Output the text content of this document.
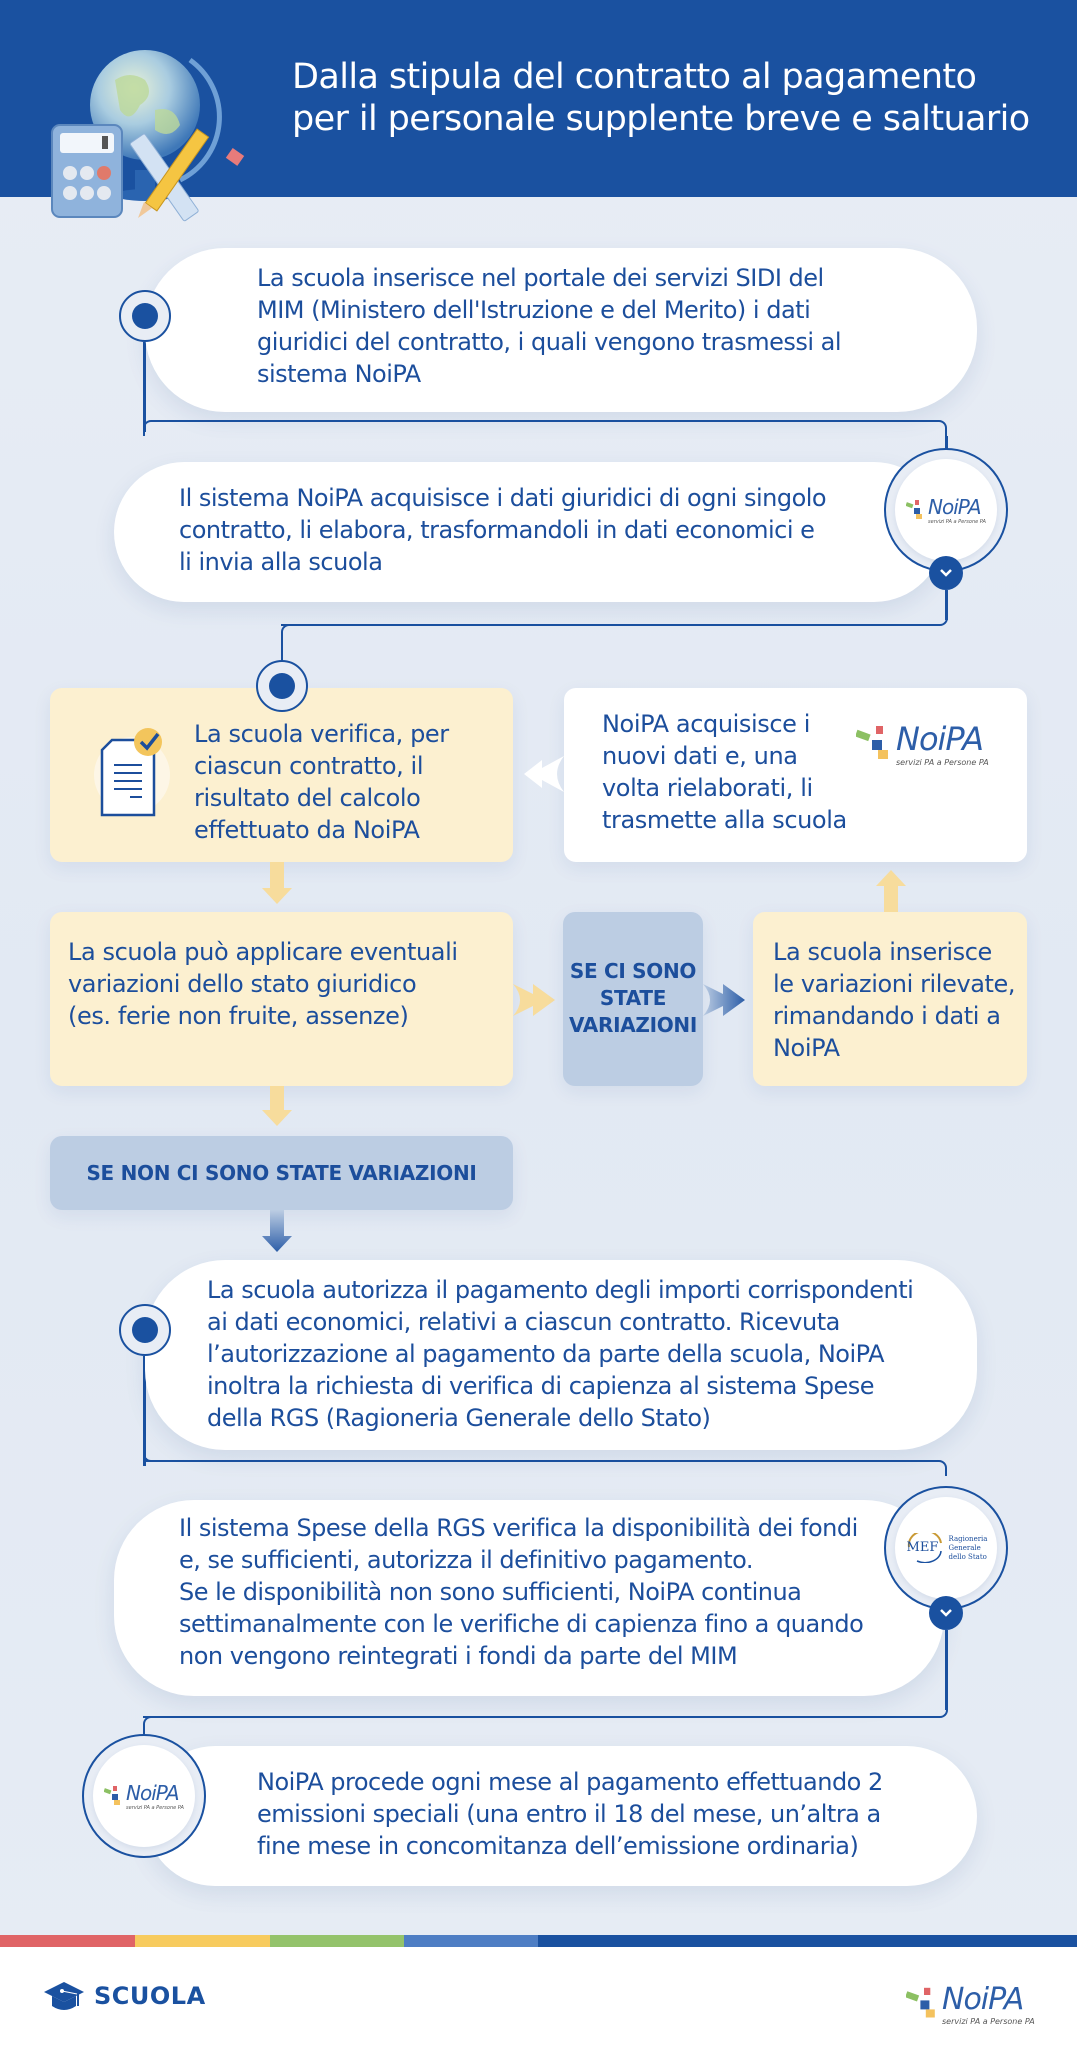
Dalla stipula del contratto al pagamento
per il personale supplente breve e saltuario
La scuola inserisce nel portale dei servizi SIDI del
MIM (Ministero dell'Istruzione e del Merito) i dati
giuridici del contratto, i quali vengono trasmessi al
sistema NoiPA
Il sistema NoiPA acquisisce i dati giuridici di ogni singolo
contratto, li elabora, trasformandoli in dati economici e
li invia alla scuola
NoiPA
servizi PA a Persone PA
La scuola verifica, per
ciascun contratto, il
risultato del calcolo
effettuato da NoiPA
NoiPA acquisisce i
nuovi dati e, una
volta rielaborati, li
trasmette alla scuola
NoiPA
servizi PA a Persone PA
La scuola può applicare eventuali
variazioni dello stato giuridico
(es. ferie non fruite, assenze)
SE CI SONO
STATE
VARIAZIONI
La scuola inserisce
le variazioni rilevate,
rimandando i dati a
NoiPA
SE NON CI SONO STATE VARIAZIONI
La scuola autorizza il pagamento degli importi corrispondenti
ai dati economici, relativi a ciascun contratto. Ricevuta
l’autorizzazione al pagamento da parte della scuola, NoiPA
inoltra la richiesta di verifica di capienza al sistema Spese
della RGS (Ragioneria Generale dello Stato)
Il sistema Spese della RGS verifica la disponibilità dei fondi
e, se sufficienti, autorizza il definitivo pagamento.
Se le disponibilità non sono sufficienti, NoiPA continua
settimanalmente con le verifiche di capienza fino a quando
non vengono reintegrati i fondi da parte del MIM
MEF
Ragioneria
Generale
dello Stato
NoiPA procede ogni mese al pagamento effettuando 2
emissioni speciali (una entro il 18 del mese, un’altra a
fine mese in concomitanza dell’emissione ordinaria)
NoiPA
servizi PA a Persone PA
SCUOLA	NoiPA
servizi PA a Persone PA
